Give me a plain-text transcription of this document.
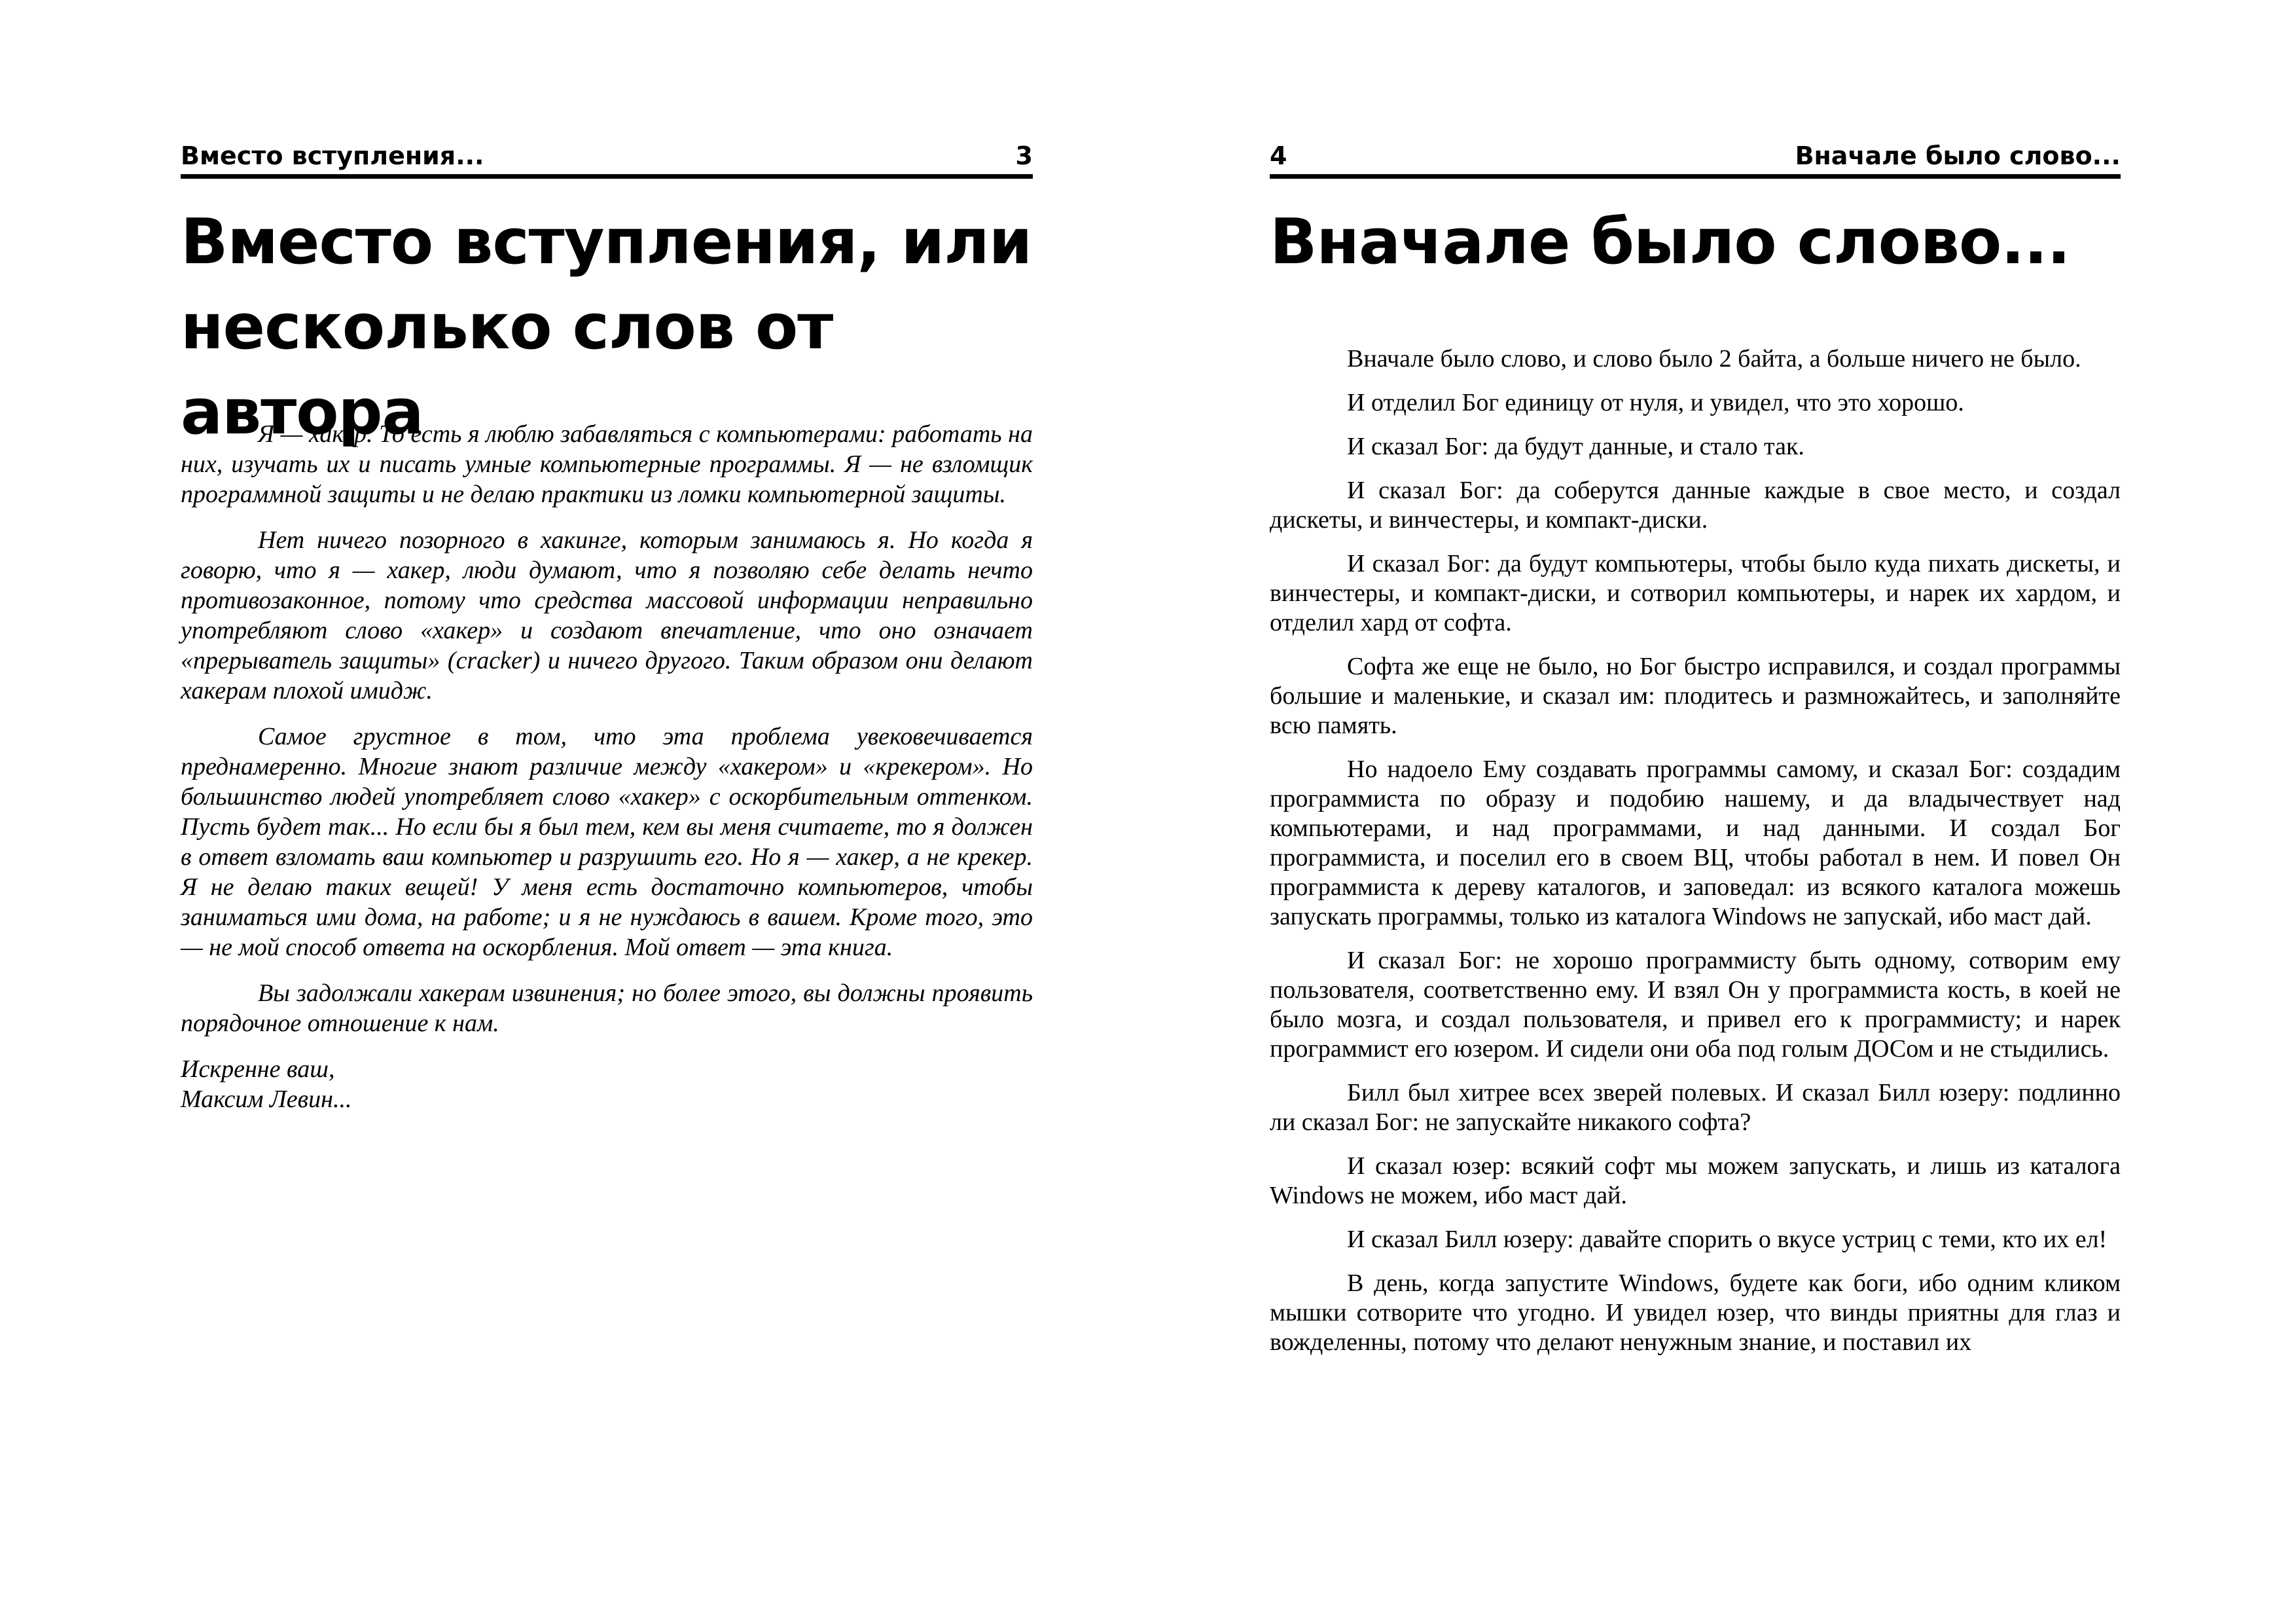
Вместо вступления...	3
Вместо вступления, или несколько слов от автора

Я — хакер. То есть я люблю забавляться с компьютерами: работать на них, изучать их и писать умные компьютерные программы. Я — не взломщик программной защиты и не делаю практики из ломки компьютерной защиты.

Нет ничего позорного в хакинге, которым занимаюсь я. Но когда я говорю, что я — хакер, люди думают, что я позволяю себе делать нечто противозаконное, потому что средства массовой информации неправильно употребляют слово «хакер» и создают впечатление, что оно означает «прерыватель защиты» (cracker) и ничего другого. Таким образом они делают хакерам плохой имидж.

Самое грустное в том, что эта проблема увековечивается преднамеренно. Многие знают различие между «хакером» и «крекером». Но большинство людей употребляет слово «хакер» с оскорбительным оттенком. Пусть будет так... Но если бы я был тем, кем вы меня считаете, то я должен в ответ взломать ваш компьютер и разрушить его. Но я — хакер, а не крекер. Я не делаю таких вещей! У меня есть достаточно компьютеров, чтобы заниматься ими дома, на работе; и я не нуждаюсь в вашем. Кроме того, это — не мой способ ответа на оскорбления. Мой ответ — эта книга.

Вы задолжали хакерам извинения; но более этого, вы должны проявить порядочное отношение к нам.

Искренне ваш,
Максим Левин...
4	Вначале было слово...
Вначале было слово...

Вначале было слово, и слово было 2 байта, а больше ничего не было.

И отделил Бог единицу от нуля, и увидел, что это хорошо.

И сказал Бог: да будут данные, и стало так.

И сказал Бог: да соберутся данные каждые в свое место, и создал дискеты, и винчестеры, и компакт-диски.

И сказал Бог: да будут компьютеры, чтобы было куда пихать дискеты, и винчестеры, и компакт-диски, и сотворил компьютеры, и нарек их хардом, и отделил хард от софта.

Софта же еще не было, но Бог быстро исправился, и создал программы большие и маленькие, и сказал им: плодитесь и размножайтесь, и заполняйте всю память.

Но надоело Ему создавать программы самому, и сказал Бог: создадим программиста по образу и подобию нашему, и да владычествует над компьютерами, и над программами, и над данными. И создал Бог программиста, и поселил его в своем ВЦ, чтобы работал в нем. И повел Он программиста к дереву каталогов, и заповедал: из всякого каталога можешь запускать программы, только из каталога Windows не запускай, ибо маст дай.

И сказал Бог: не хорошо программисту быть одному, сотворим ему пользователя, соответственно ему. И взял Он у программиста кость, в коей не было мозга, и создал пользователя, и привел его к программисту; и нарек программист его юзером. И сидели они оба под голым ДОСом и не стыдились.

Билл был хитрее всех зверей полевых. И сказал Билл юзеру: подлинно ли сказал Бог: не запускайте никакого софта?

И сказал юзер: всякий софт мы можем запускать, и лишь из каталога Windows не можем, ибо маст дай.

И сказал Билл юзеру: давайте спорить о вкусе устриц с теми, кто их ел!

В день, когда запустите Windows, будете как боги, ибо одним кликом мышки сотворите что угодно. И увидел юзер, что винды приятны для глаз и вожделенны, потому что делают ненужным знание, и поставил их
